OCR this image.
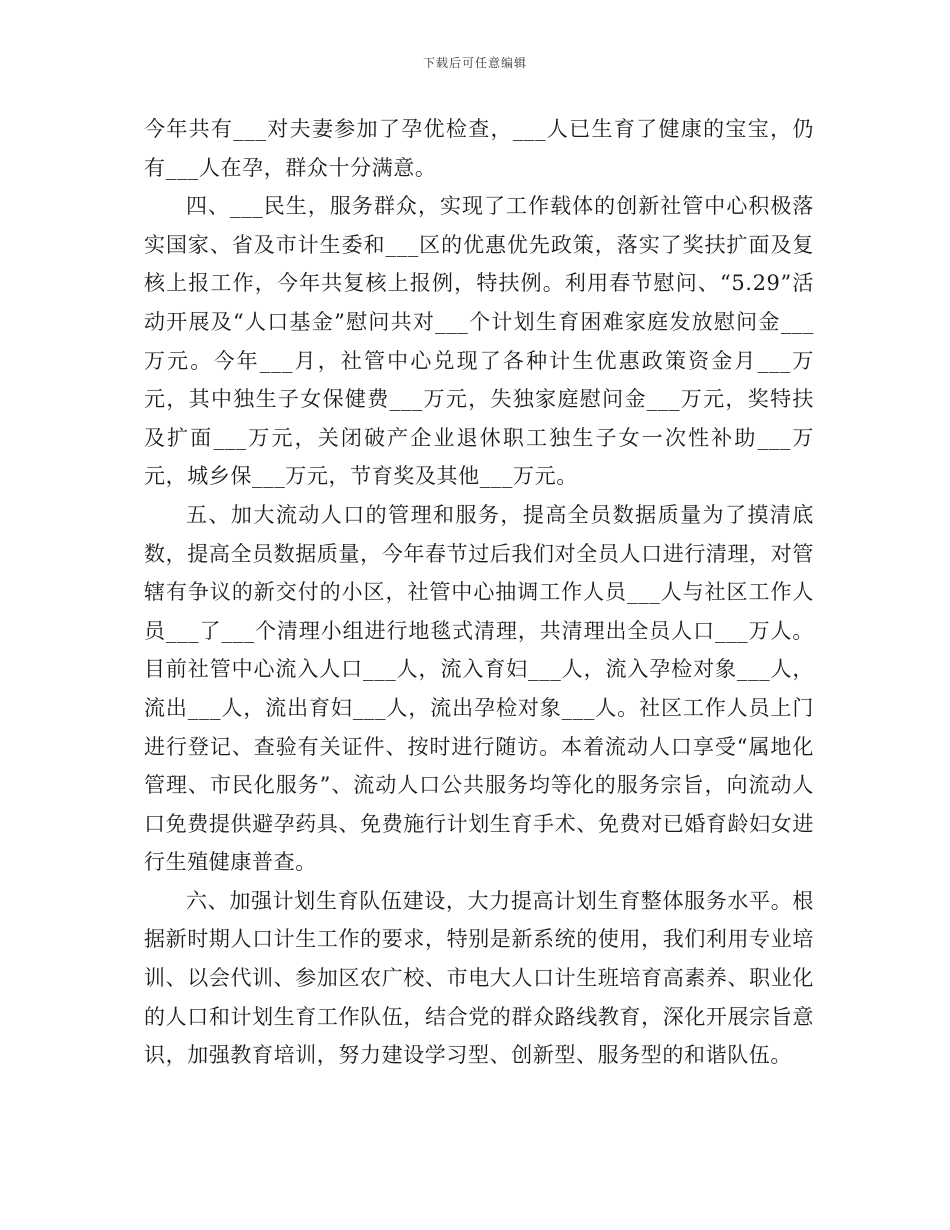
下载后可任意编辑

今年共有___对夫妻参加了孕优检查，___人已生育了健康的宝宝，仍有___人在孕，群众十分满意。

四、___民生，服务群众，实现了工作载体的创新社管中心积极落实国家、省及市计生委和___区的优惠优先政策，落实了奖扶扩面及复核上报工作，今年共复核上报例，特扶例。利用春节慰问、“5.29”活动开展及“人口基金”慰问共对___个计划生育困难家庭发放慰问金___万元。今年___月，社管中心兑现了各种计生优惠政策资金月___万元，其中独生子女保健费___万元，失独家庭慰问金___万元，奖特扶及扩面___万元，关闭破产企业退休职工独生子女一次性补助___万元，城乡保___万元，节育奖及其他___万元。

五、加大流动人口的管理和服务，提高全员数据质量为了摸清底数，提高全员数据质量，今年春节过后我们对全员人口进行清理，对管辖有争议的新交付的小区，社管中心抽调工作人员___人与社区工作人员___了___个清理小组进行地毯式清理，共清理出全员人口___万人。目前社管中心流入人口___人，流入育妇___人，流入孕检对象___人，流出___人，流出育妇___人，流出孕检对象___人。社区工作人员上门进行登记、查验有关证件、按时进行随访。本着流动人口享受“属地化管理、市民化服务”、流动人口公共服务均等化的服务宗旨，向流动人口免费提供避孕药具、免费施行计划生育手术、免费对已婚育龄妇女进行生殖健康普查。

六、加强计划生育队伍建设，大力提高计划生育整体服务水平。根据新时期人口计生工作的要求，特别是新系统的使用，我们利用专业培训、以会代训、参加区农广校、市电大人口计生班培育高素养、职业化的人口和计划生育工作队伍，结合党的群众路线教育，深化开展宗旨意识，加强教育培训，努力建设学习型、创新型、服务型的和谐队伍。
